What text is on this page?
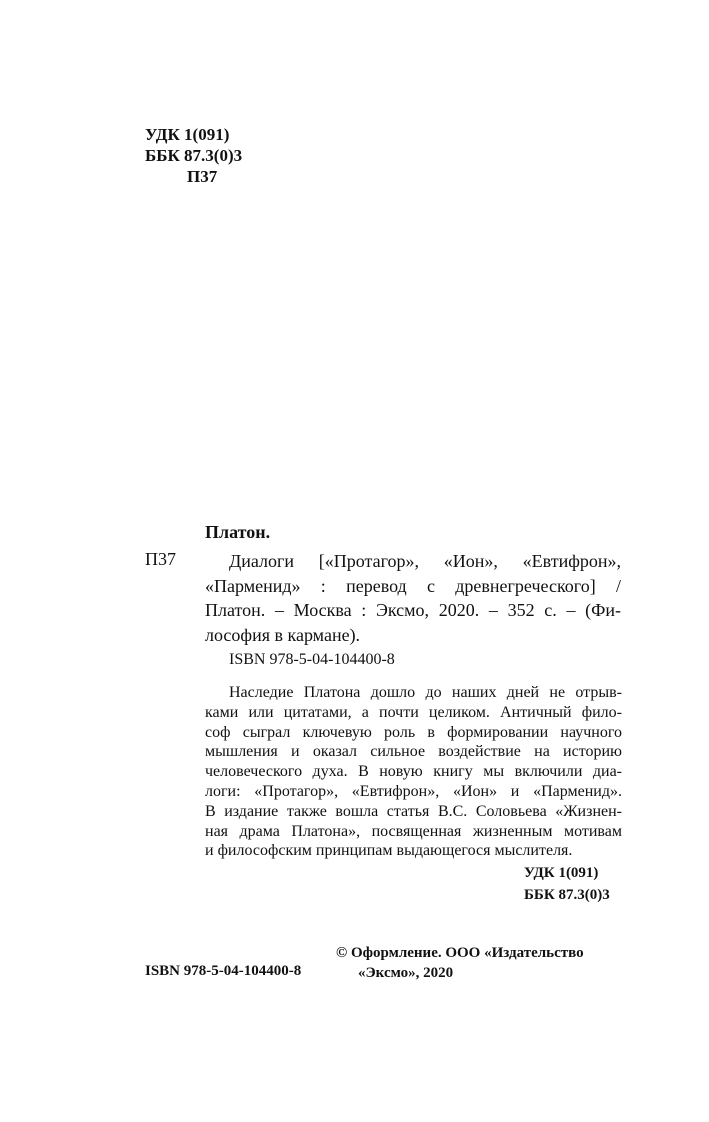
УДК 1(091)
ББК 87.3(0)3
П37
Платон.
П37	Диалоги [«Протагор», «Ион», «Евтифрон»,
«Парменид» : перевод с древнегреческого] /
Платон. – Москва : Эксмо, 2020. – 352 с. – (Фи-
лософия в кармане).
ISBN 978-5-04-104400-8
Наследие Платона дошло до наших дней не отрыв-
ками или цитатами, а почти целиком. Античный фило-
соф сыграл ключевую роль в формировании научного
мышления и оказал сильное воздействие на историю
человеческого духа. В новую книгу мы включили диа-
логи: «Протагор», «Евтифрон», «Ион» и «Парменид».
В издание также вошла статья В.С. Соловьева «Жизнен-
ная драма Платона», посвященная жизненным мотивам
и философским принципам выдающегося мыслителя.
УДК 1(091)
ББК 87.3(0)3
© Оформление. ООО «Издательство
«Эксмо», 2020
ISBN 978-5-04-104400-8
